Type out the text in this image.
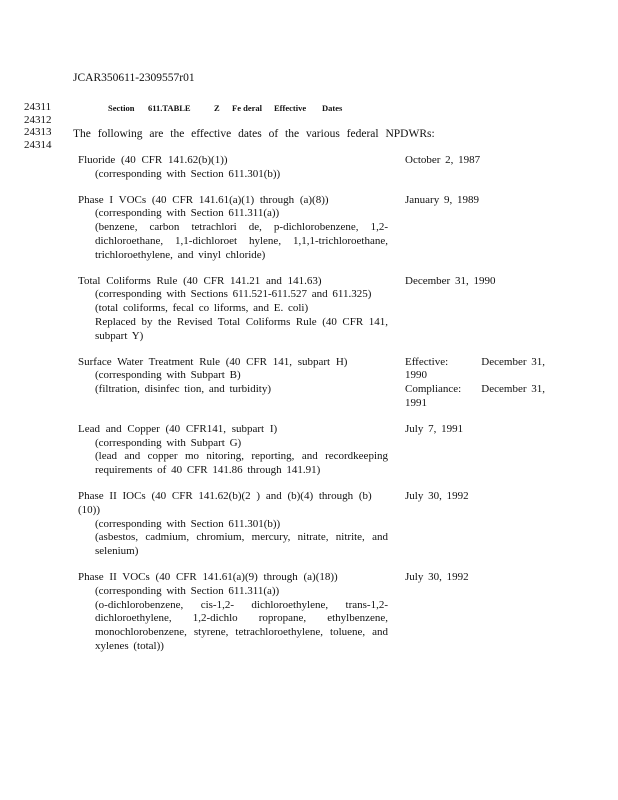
JCAR350611-2309557r01
24311
24312
24313
24314
Section 611.TABLE	Z Fe deral Effective Dates
The following are the effective dates of the various federal NPDWRs:
Fluoride (40 CFR 141.62(b)(1))
(corresponding with Section 611.301(b))
October 2, 1987
Phase I VOCs (40 CFR 141.61(a)(1) through (a)(8))
(corresponding with Section 611.311(a))
(benzene, carbon tetrachlori de, p-dichlorobenzene, 1,2-dichloroethane, 1,1-dichloroet hylene, 1,1,1-trichloroethane, trichloroethylene, and vinyl chloride)
January 9, 1989
Total Coliforms Rule (40 CFR 141.21 and 141.63)
(corresponding with Sections 611.521-611.527 and 611.325)
(total coliforms, fecal co liforms, and E. coli)
Replaced by the Revised Total Coliforms Rule (40 CFR 141, subpart Y)
December 31, 1990
Surface Water Treatment Rule (40 CFR 141, subpart H)
(corresponding with Subpart B)
(filtration, disinfec tion, and turbidity)
Effective:	December 31,
1990
Compliance: December 31,
1991
Lead and Copper (40 CFR141, subpart I)
(corresponding with Subpart G)
(lead and copper mo nitoring, reporting, and recordkeeping requirements of 40 CFR 141.86 through 141.91)
July 7, 1991
Phase II IOCs (40 CFR 141.62(b)(2 ) and (b)(4) through (b)(10))
(corresponding with Section 611.301(b))
(asbestos, cadmium, chromium, mercury, nitrate, nitrite, and selenium)
July 30, 1992
Phase II VOCs (40 CFR 141.61(a)(9) through (a)(18))
(corresponding with Section 611.311(a))
(o-dichlorobenzene, cis-1,2- dichloroethylene, trans-1,2-dichloroethylene, 1,2-dichlo ropropane, ethylbenzene, monochlorobenzene, styrene, tetrachloroethylene, toluene, and xylenes (total))
July 30, 1992
